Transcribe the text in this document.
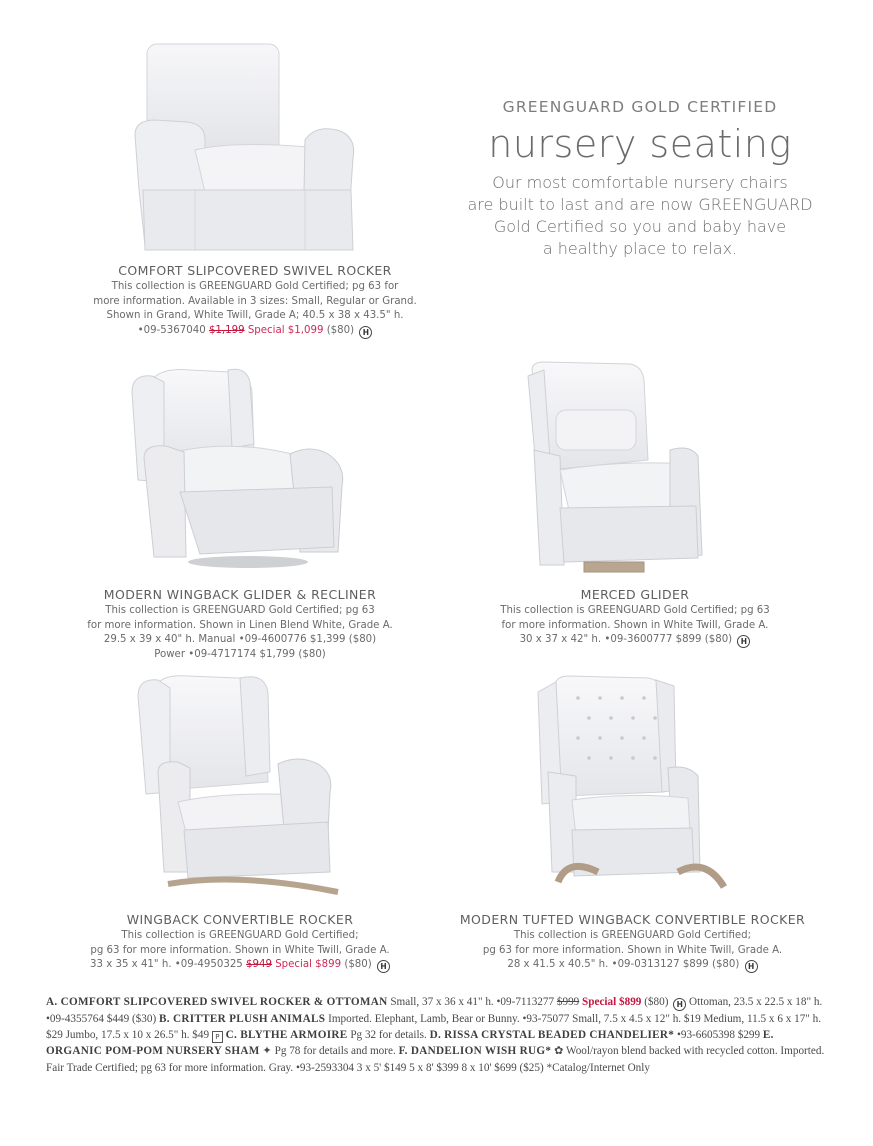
GREENGUARD GOLD CERTIFIED
nursery seating
Our most comfortable nursery chairs
are built to last and are now GREENGUARD
Gold Certified so you and baby have
a healthy place to relax.
COMFORT SLIPCOVERED SWIVEL ROCKER
This collection is GREENGUARD Gold Certified; pg 63 for
more information. Available in 3 sizes: Small, Regular or Grand.
Shown in Grand, White Twill, Grade A; 40.5 x 38 x 43.5" h.
•09-5367040 $1,199 Special $1,099 ($80) H
MODERN WINGBACK GLIDER & RECLINER
This collection is GREENGUARD Gold Certified; pg 63
for more information. Shown in Linen Blend White, Grade A.
29.5 x 39 x 40" h. Manual •09-4600776 $1,399 ($80)
Power •09-4717174 $1,799 ($80)
MERCED GLIDER
This collection is GREENGUARD Gold Certified; pg 63
for more information. Shown in White Twill, Grade A.
30 x 37 x 42" h. •09-3600777 $899 ($80) H
WINGBACK CONVERTIBLE ROCKER
This collection is GREENGUARD Gold Certified;
pg 63 for more information. Shown in White Twill, Grade A.
33 x 35 x 41" h. •09-4950325 $949 Special $899 ($80) H
MODERN TUFTED WINGBACK CONVERTIBLE ROCKER
This collection is GREENGUARD Gold Certified;
pg 63 for more information. Shown in White Twill, Grade A.
28 x 41.5 x 40.5" h. •09-0313127 $899 ($80) H
A. COMFORT SLIPCOVERED SWIVEL ROCKER & OTTOMAN Small, 37 x 36 x 41" h. •09-7113277 $999 Special $899 ($80) H Ottoman, 23.5 x 22.5 x 18" h. •09-4355764 $449 ($30) B. CRITTER PLUSH ANIMALS Imported. Elephant, Lamb, Bear or Bunny. •93-75077 Small, 7.5 x 4.5 x 12" h. $19 Medium, 11.5 x 6 x 17" h. $29 Jumbo, 17.5 x 10 x 26.5" h. $49 P C. BLYTHE ARMOIRE Pg 32 for details. D. RISSA CRYSTAL BEADED CHANDELIER* •93-6605398 $299 E. ORGANIC POM-POM NURSERY SHAM ✦ Pg 78 for details and more. F. DANDELION WISH RUG* ✿ Wool/rayon blend backed with recycled cotton. Imported. Fair Trade Certified; pg 63 for more information. Gray. •93-2593304 3 x 5' $149 5 x 8' $399 8 x 10' $699 ($25) *Catalog/Internet Only
